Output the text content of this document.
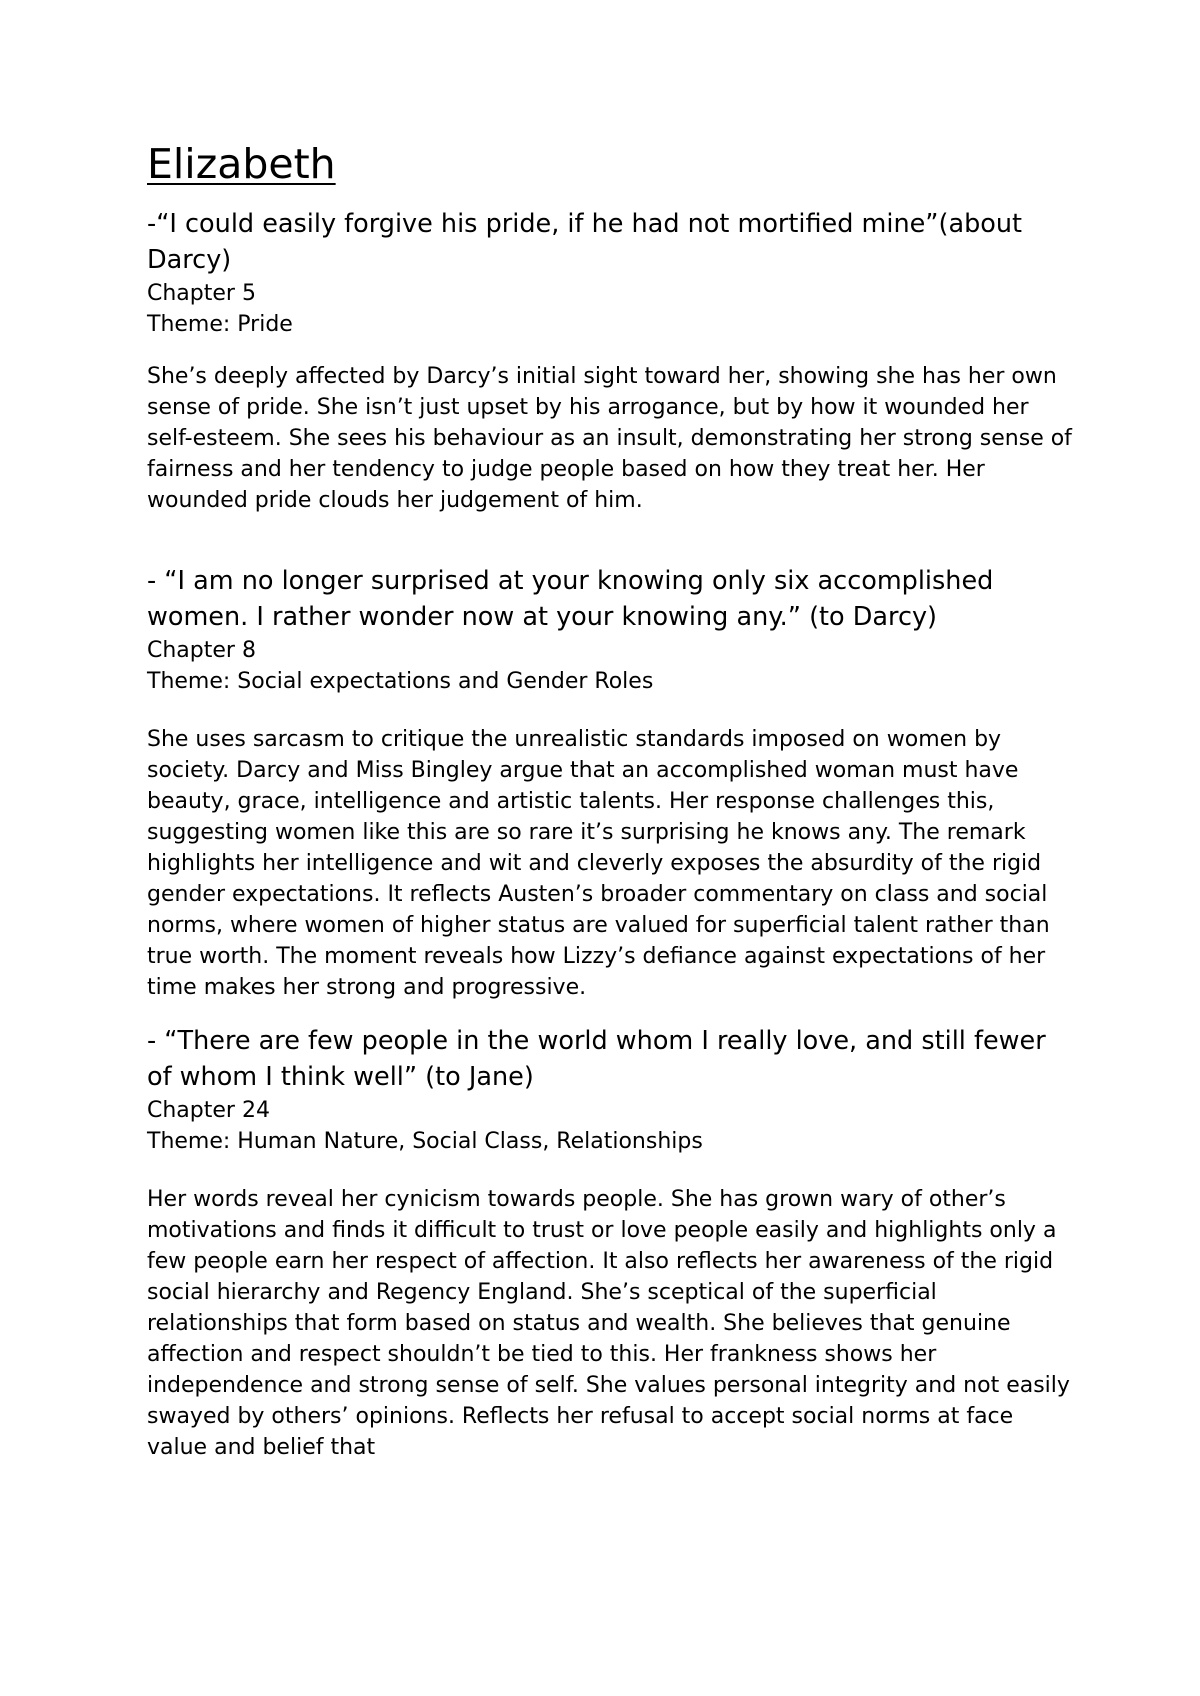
Elizabeth

-“I could easily forgive his pride, if he had not mortified mine”(about Darcy)

Chapter 5

Theme: Pride

She’s deeply affected by Darcy’s initial sight toward her, showing she has her own sense of pride. She isn’t just upset by his arrogance, but by how it wounded her self-esteem. She sees his behaviour as an insult, demonstrating her strong sense of fairness and her tendency to judge people based on how they treat her. Her wounded pride clouds her judgement of him.

- “I am no longer surprised at your knowing only six accomplished women. I rather wonder now at your knowing any.” (to Darcy)

Chapter 8

Theme: Social expectations and Gender Roles

She uses sarcasm to critique the unrealistic standards imposed on women by society. Darcy and Miss Bingley argue that an accomplished woman must have beauty, grace, intelligence and artistic talents. Her response challenges this, suggesting women like this are so rare it’s surprising he knows any. The remark highlights her intelligence and wit and cleverly exposes the absurdity of the rigid gender expectations. It reflects Austen’s broader commentary on class and social norms, where women of higher status are valued for superficial talent rather than true worth. The moment reveals how Lizzy’s defiance against expectations of her time makes her strong and progressive.

- “There are few people in the world whom I really love, and still fewer of whom I think well” (to Jane)

Chapter 24

Theme: Human Nature, Social Class, Relationships

Her words reveal her cynicism towards people. She has grown wary of other’s motivations and finds it difficult to trust or love people easily and highlights only a few people earn her respect of affection. It also reflects her awareness of the rigid social hierarchy and Regency England. She’s sceptical of the superficial relationships that form based on status and wealth. She believes that genuine affection and respect shouldn’t be tied to this. Her frankness shows her independence and strong sense of self. She values personal integrity and not easily swayed by others’ opinions. Reflects her refusal to accept social norms at face value and belief that
